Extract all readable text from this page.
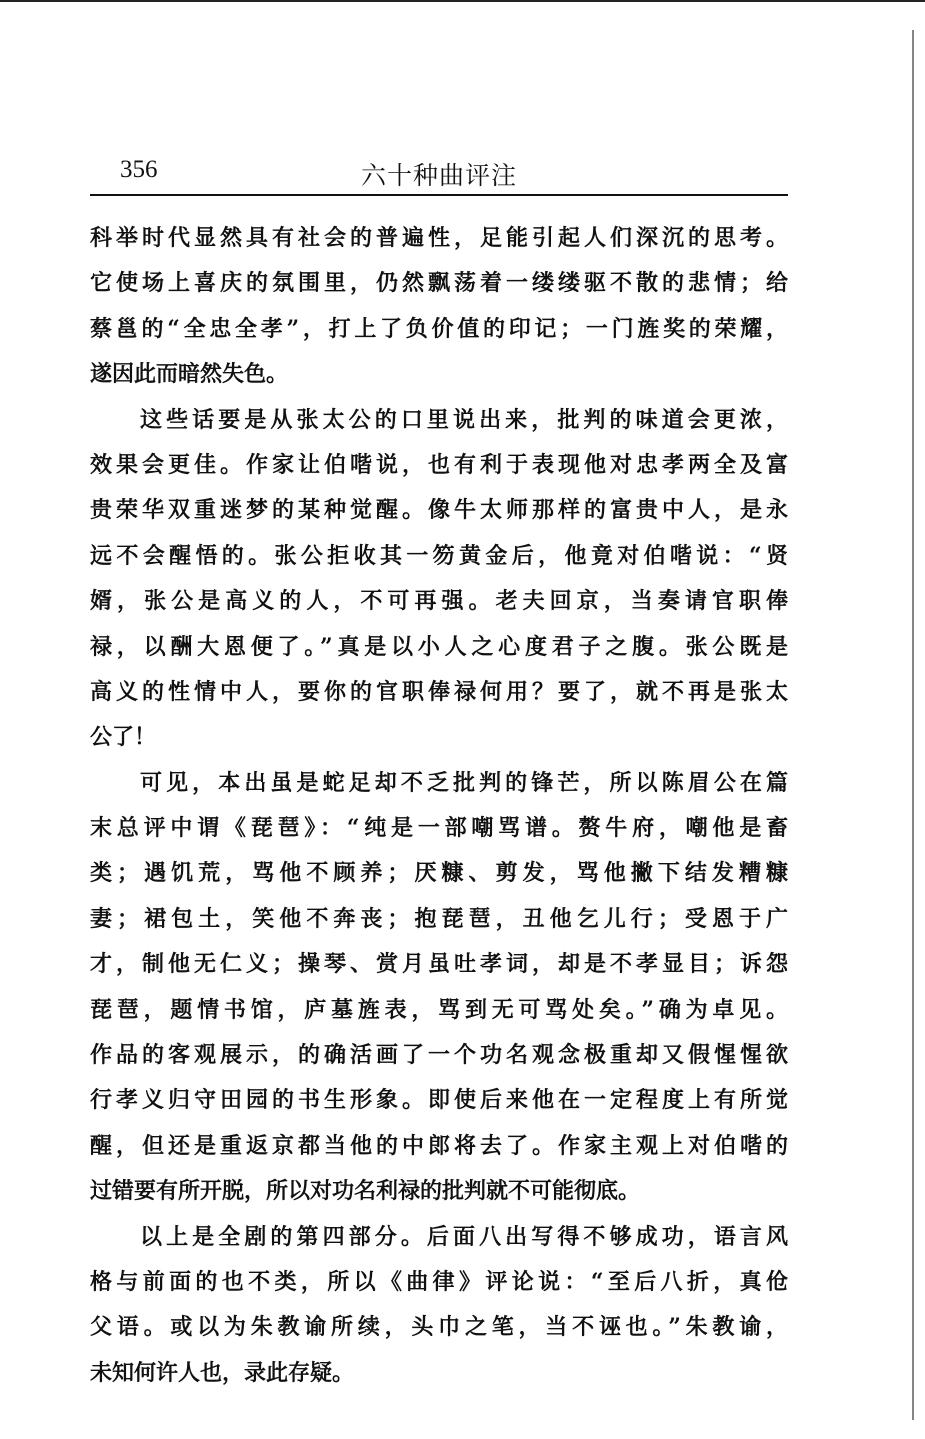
356	六十种曲评注
科举时代显然具有社会的普遍性，足能引起人们深沉的思考。
它使场上喜庆的氛围里，仍然飘荡着一缕缕驱不散的悲情；给
蔡邕的“全忠全孝”，打上了负价值的印记；一门旌奖的荣耀，
遂因此而暗然失色。
这些话要是从张太公的口里说出来，批判的味道会更浓，
效果会更佳。作家让伯喈说，也有利于表现他对忠孝两全及富
贵荣华双重迷梦的某种觉醒。像牛太师那样的富贵中人，是永
远不会醒悟的。张公拒收其一笏黄金后，他竟对伯喈说：“贤
婿，张公是高义的人，不可再强。老夫回京，当奏请官职俸
禄，以酬大恩便了。”真是以小人之心度君子之腹。张公既是
高义的性情中人，要你的官职俸禄何用？要了，就不再是张太
公了！
可见，本出虽是蛇足却不乏批判的锋芒，所以陈眉公在篇
末总评中谓《琵琶》：“纯是一部嘲骂谱。赘牛府，嘲他是畜
类；遇饥荒，骂他不顾养；厌糠、剪发，骂他撇下结发糟糠
妻；裙包土，笑他不奔丧；抱琵琶，丑他乞儿行；受恩于广
才，制他无仁义；操琴、赏月虽吐孝词，却是不孝显目；诉怨
琵琶，题情书馆，庐墓旌表，骂到无可骂处矣。”确为卓见。
作品的客观展示，的确活画了一个功名观念极重却又假惺惺欲
行孝义归守田园的书生形象。即使后来他在一定程度上有所觉
醒，但还是重返京都当他的中郎将去了。作家主观上对伯喈的
过错要有所开脱，所以对功名利禄的批判就不可能彻底。
以上是全剧的第四部分。后面八出写得不够成功，语言风
格与前面的也不类，所以《曲律》评论说：“至后八折，真伧
父语。或以为朱教谕所续，头巾之笔，当不诬也。”朱教谕，
未知何许人也，录此存疑。
